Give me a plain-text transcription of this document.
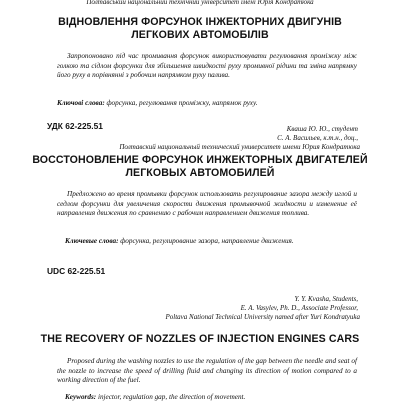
Полтавський національний технічний університет імені Юрія Кондратюка
ВІДНОВЛЕННЯ ФОРСУНОК ІНЖЕКТОРНИХ ДВИГУНІВ
ЛЕГКОВИХ АВТОМОБІЛІВ
Запропоновано під час промивання форсунок використовувати регулювання проміжку між голкою та сідлом форсунки для збільшення швидкості руху промивної рідини та зміна напрямку його руху в порівнянні з робочим напрямком руху палива.
Ключові слова: форсунка, регулювання проміжку, напрямок руху.
УДК 62-225.51	Кваша Ю. Ю., студент
С. А. Васильев, к.т.н., доц.,
Полтавский национальный технический университет имени Юрия Кондратюка
ВОССТОНОВЛЕНИЕ ФОРСУНОК ИНЖЕКТОРНЫХ ДВИГАТЕЛЕЙ
ЛЕГКОВЫХ АВТОМОБИЛЕЙ
Предложено во время промывки форсунок использовать регулирование зазора между иглой и седлом форсунки для увеличения скорости движения промывочной жидкости и изменение её направления движения по сравнению с рабочим направлением движения топлива.
Ключевые слова: форсунка, регулирование зазора, направление движения.
UDC 62-225.51
Y. Y. Kvasha, Students,
E. A. Vasylev, Ph. D., Associate Professor,
Poltava National Technical University named after Yuri Kondratyuka
THE RECOVERY OF NOZZLES OF INJECTION ENGINES CARS
Proposed during the washing nozzles to use the regulation of the gap between the needle and seat of the nozzle to increase the speed of drilling fluid and changing its direction of motion compared to a working direction of the fuel.
Keywords: injector, regulation gap, the direction of movement.
